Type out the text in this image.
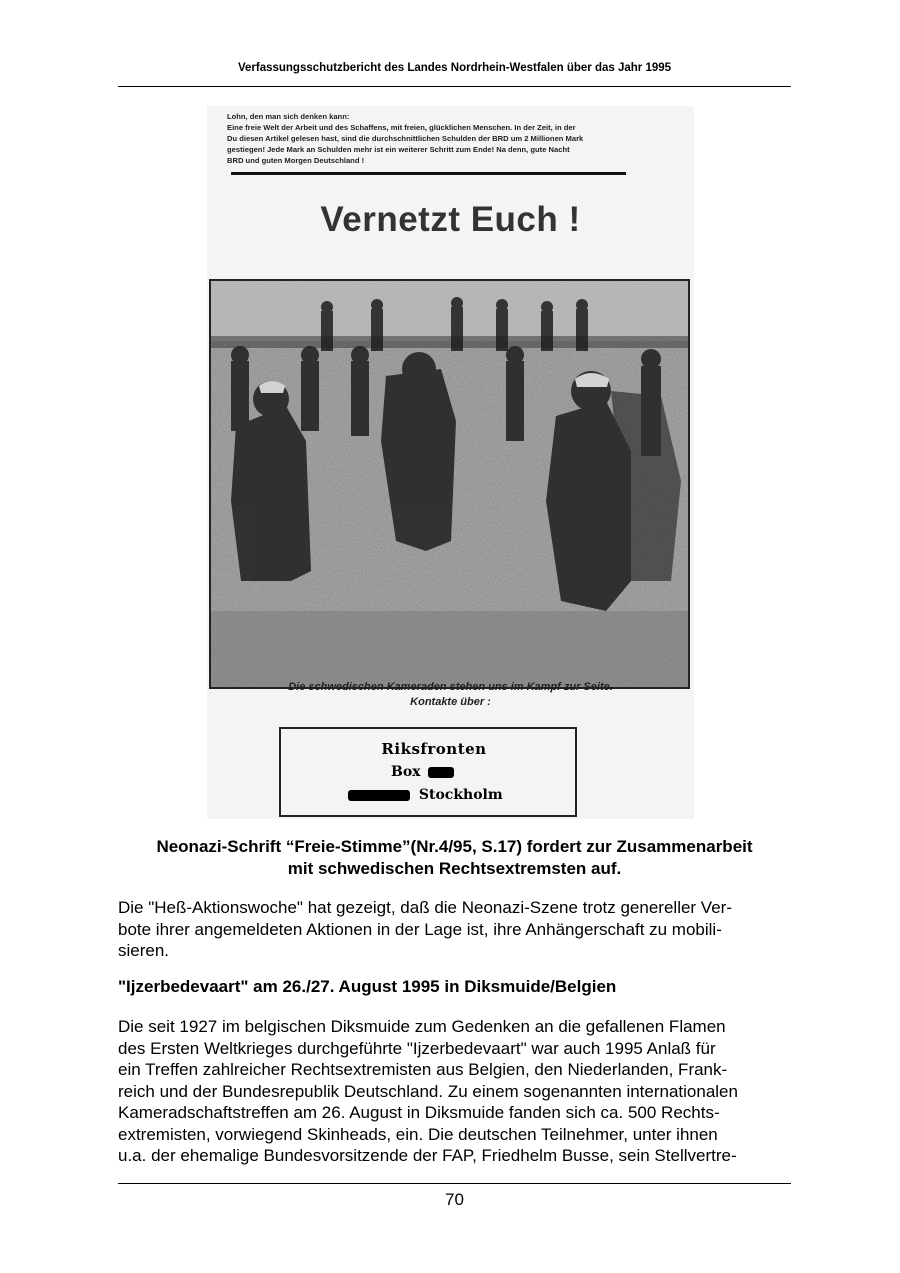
Verfassungsschutzbericht des Landes Nordrhein-Westfalen über das Jahr 1995
Lohn, den man sich denken kann:
Eine freie Welt der Arbeit und des Schaffens, mit freien, glücklichen Menschen. In der Zeit, in der
Du diesen Artikel gelesen hast, sind die durchschnittlichen Schulden der BRD um 2 Millionen Mark
gestiegen! Jede Mark an Schulden mehr ist ein weiterer Schritt zum Ende! Na denn, gute Nacht
BRD und guten Morgen Deutschland !
Vernetzt Euch !
Die schwedischen Kameraden stehen uns im Kampf zur Seite.
Kontakte über :
Riksfronten
Box
Stockholm
Neonazi-Schrift “Freie-Stimme”(Nr.4/95, S.17) fordert zur Zusammenarbeit
mit schwedischen Rechtsextremsten auf.
Die "Heß-Aktionswoche" hat gezeigt, daß die Neonazi-Szene trotz genereller Ver-
bote ihrer angemeldeten Aktionen in der Lage ist, ihre Anhängerschaft zu mobili-
sieren.
"Ijzerbedevaart" am 26./27. August 1995 in Diksmuide/Belgien
Die seit 1927 im belgischen Diksmuide zum Gedenken an die gefallenen Flamen
des Ersten Weltkrieges durchgeführte "Ijzerbedevaart" war auch 1995 Anlaß für
ein Treffen zahlreicher Rechtsextremisten aus Belgien, den Niederlanden, Frank-
reich und der Bundesrepublik Deutschland. Zu einem sogenannten internationalen
Kameradschaftstreffen am 26. August in Diksmuide fanden sich ca. 500 Rechts-
extremisten, vorwiegend Skinheads, ein. Die deutschen Teilnehmer, unter ihnen
u.a. der ehemalige Bundesvorsitzende der FAP, Friedhelm Busse, sein Stellvertre-
70
